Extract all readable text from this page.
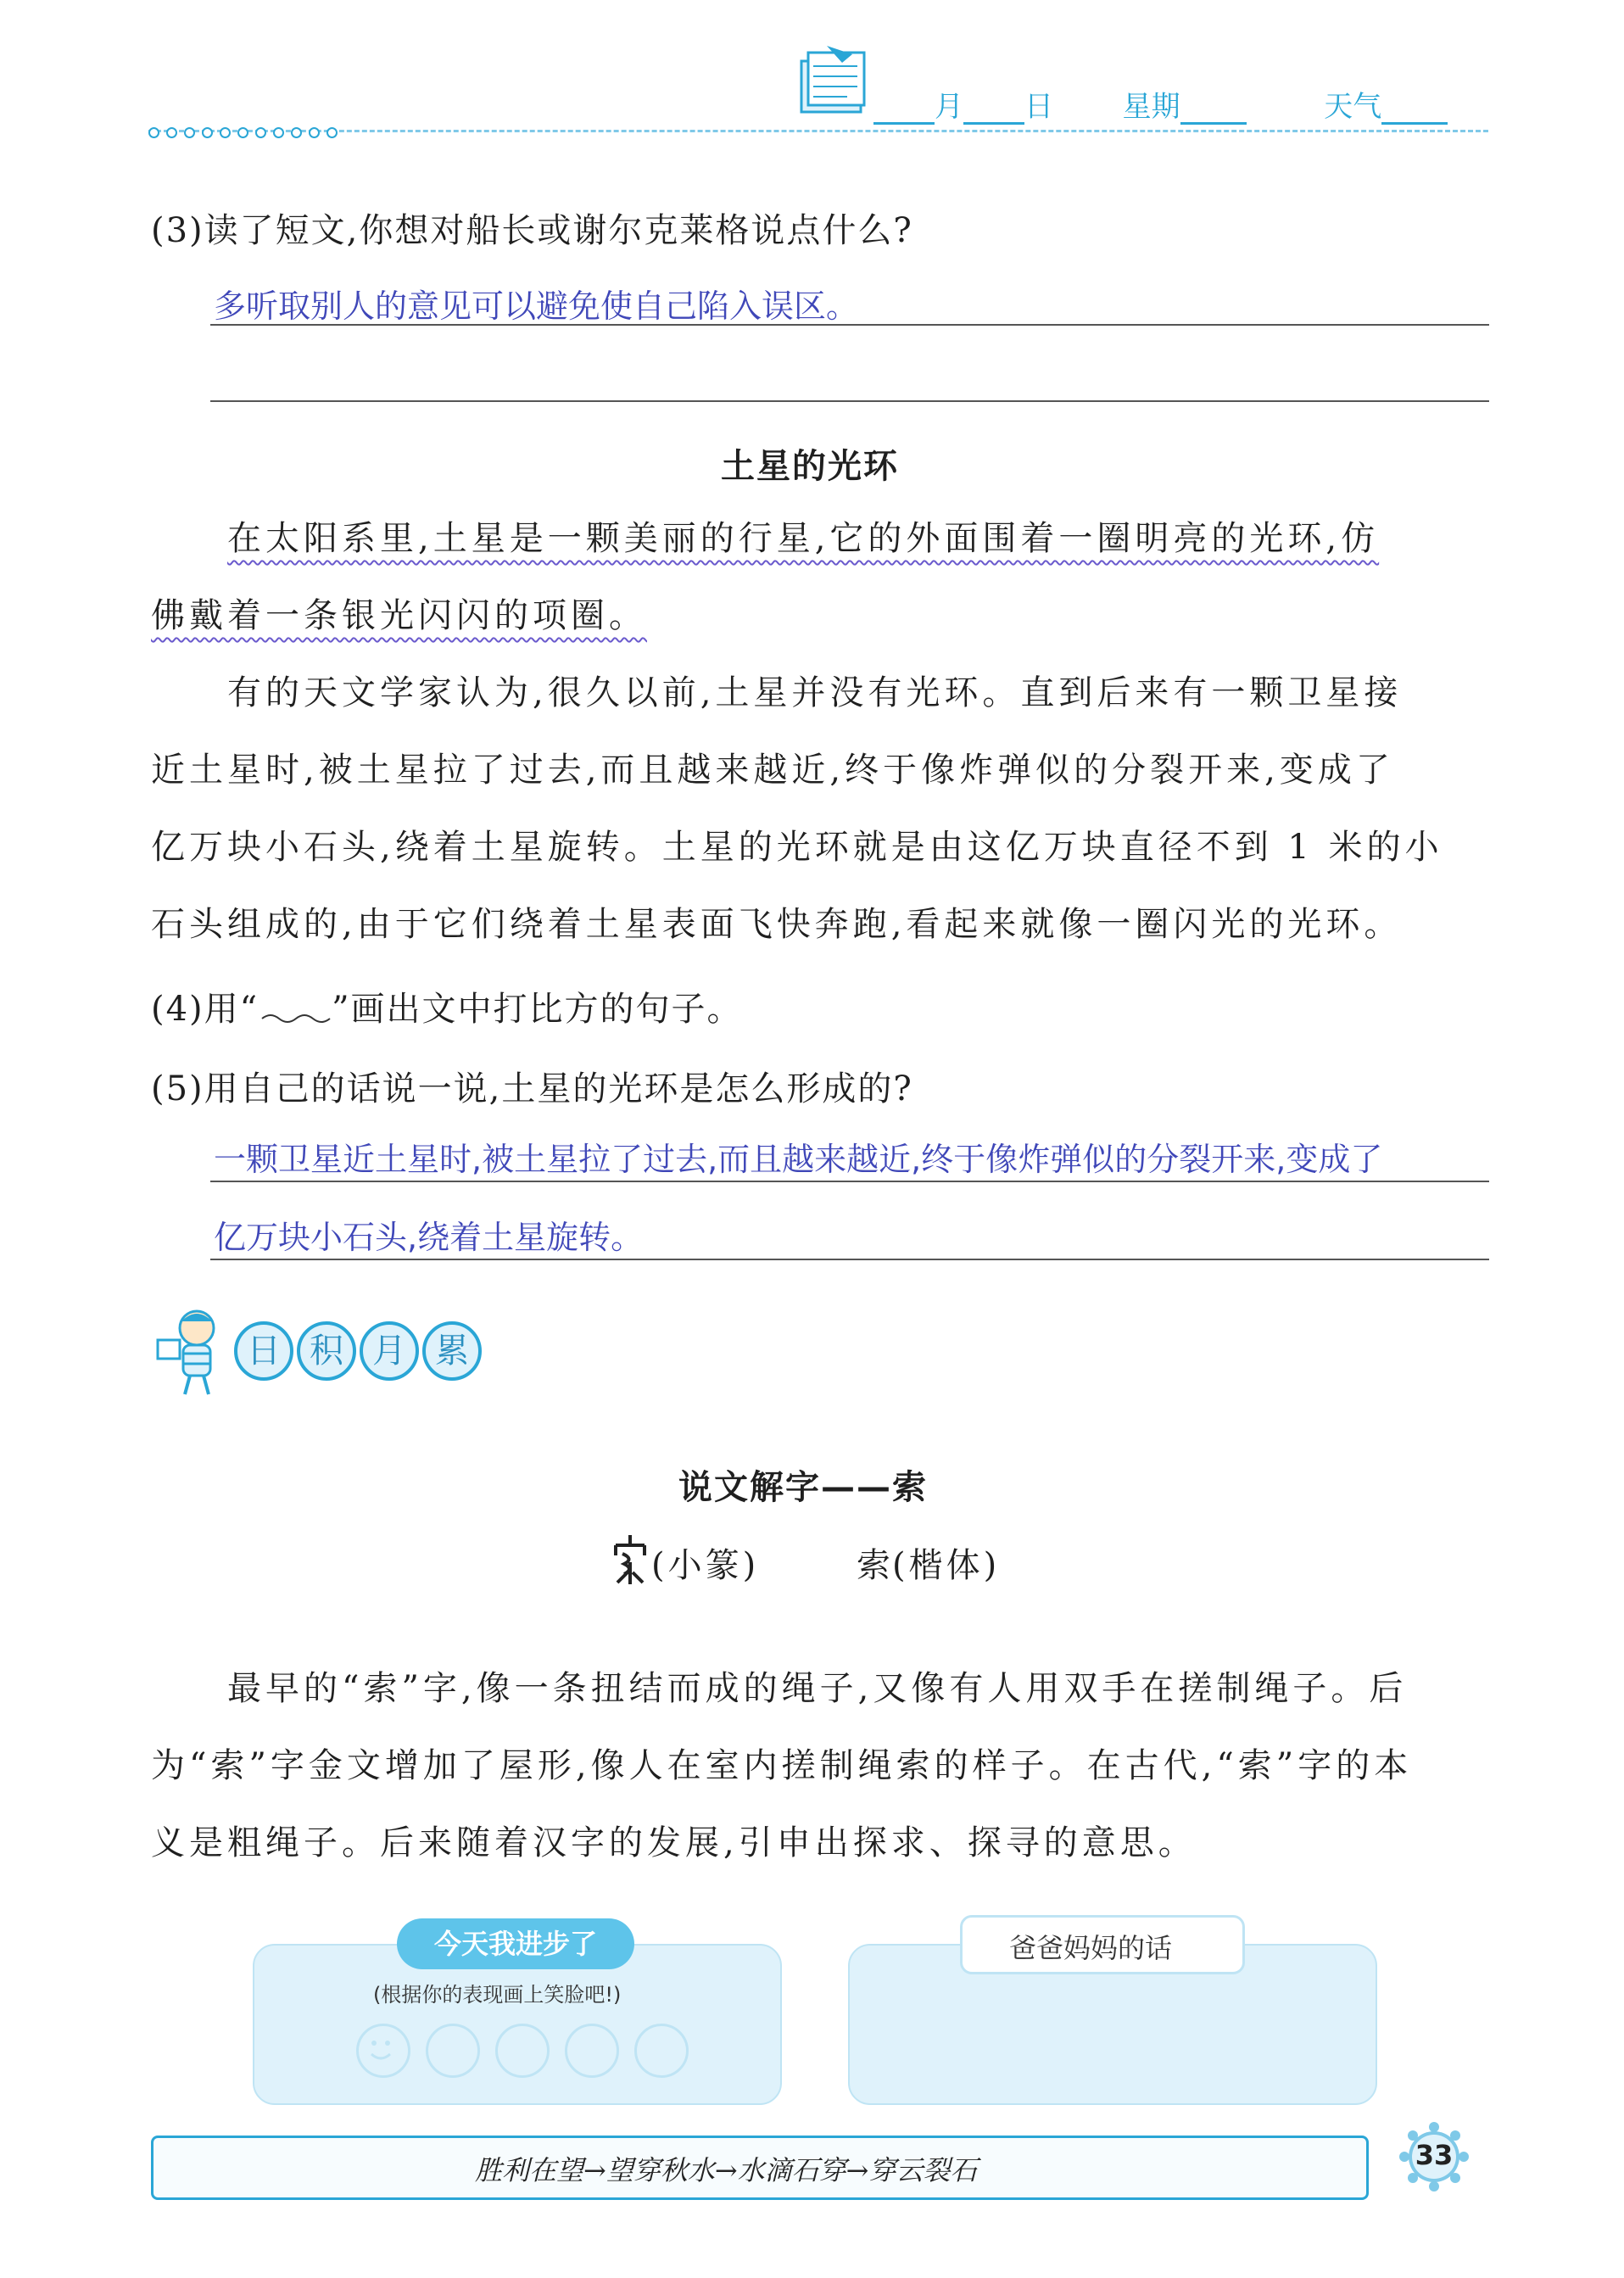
月 日 星期	天气
(3)读了短文,你想对船长或谢尔克莱格说点什么?
多听取别人的意见可以避免使自己陷入误区。
土星的光环
在太阳系里,土星是一颗美丽的行星,它的外面围着一圈明亮的光环,仿
佛戴着一条银光闪闪的项圈。
有的天文学家认为,很久以前,土星并没有光环。直到后来有一颗卫星接
近土星时,被土星拉了过去,而且越来越近,终于像炸弹似的分裂开来,变成了
亿万块小石头,绕着土星旋转。土星的光环就是由这亿万块直径不到 1 米的小
石头组成的,由于它们绕着土星表面飞快奔跑,看起来就像一圈闪光的光环。
(4)用“ ”画出文中打比方的句子。
(5)用自己的话说一说,土星的光环是怎么形成的?
一颗卫星近土星时,被土星拉了过去,而且越来越近,终于像炸弹似的分裂开来,变成了
亿万块小石头,绕着土星旋转。
日 积 月 累
说文解字——索
(小篆)	索 (楷体)
最早的“索”字,像一条扭结而成的绳子,又像有人用双手在搓制绳子。后
为“索”字金文增加了屋形,像人在室内搓制绳索的样子。在古代,“索”字的本
义是粗绳子。后来随着汉字的发展,引申出探求、探寻的意思。
今天我进步了
(根据你的表现画上笑脸吧!)
爸爸妈妈的话
胜利在望→望穿秋水→水滴石穿→穿云裂石	33
